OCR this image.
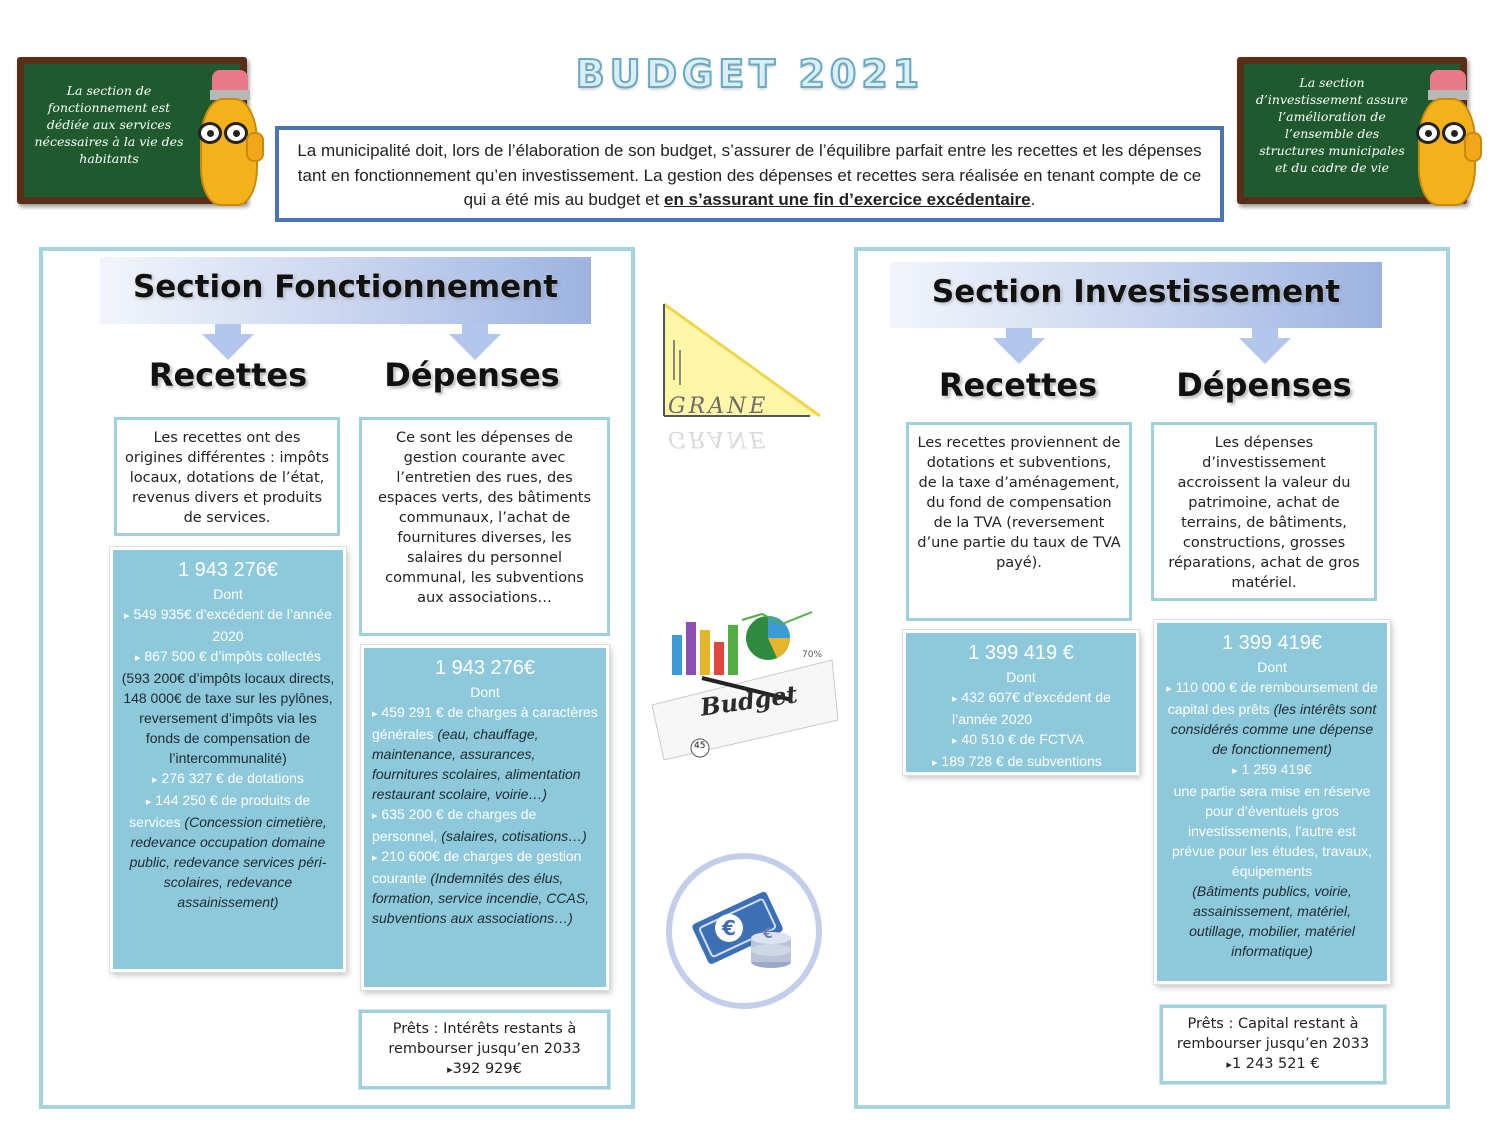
BUDGET 2021
La section de fonctionnement est dédiée aux services nécessaires à la vie des habitants
La section d’investissement assure l’amélioration de l’ensemble des structures municipales et du cadre de vie
La municipalité doit, lors de l’élaboration de son budget, s’assurer de l’équilibre parfait entre les recettes et les dépenses tant en fonctionnement qu’en investissement. La gestion des dépenses et recettes sera réalisée en tenant compte de ce qui a été mis au budget et en s’assurant une fin d’exercice excédentaire.
Section Fonctionnement
Recettes	Dépenses
Les recettes ont des origines différentes : impôts locaux, dotations de l’état, revenus divers et produits de services.
Ce sont les dépenses de gestion courante avec l’entretien des rues, des espaces verts, des bâtiments communaux, l’achat de fournitures diverses, les salaires du personnel communal, les subventions aux associations…
1 943 276€
Dont
▸ 549 935€ d’excédent de l’année 2020
▸ 867 500 € d’impôts collectés (593 200€ d’impôts locaux directs, 148 000€ de taxe sur les pylônes, reversement d’impôts via les fonds de compensation de l’intercommunalité)
▸ 276 327 € de dotations
▸ 144 250 € de produits de services (Concession cimetière, redevance occupation domaine public, redevance services péri-scolaires, redevance assainissement)
1 943 276€
Dont
▸ 459 291 € de charges à caractères générales (eau, chauffage, maintenance, assurances, fournitures scolaires, alimentation restaurant scolaire, voirie…)
▸ 635 200 € de charges de personnel, (salaires, cotisations…)
▸ 210 600€ de charges de gestion courante (Indemnités des élus, formation, service incendie, CCAS, subventions aux associations…)
Prêts : Intérêts restants à rembourser jusqu’en 2033
▸392 929€
GRANE
GRANE
Budget
45
70%
€ €
Section Investissement
Recettes	Dépenses
Les recettes proviennent de dotations et subventions, de la taxe d’aménagement, du fond de compensation de la TVA (reversement d’une partie du taux de TVA payé).
Les dépenses d’investissement accroissent la valeur du patrimoine, achat de terrains, de bâtiments, constructions, grosses réparations, achat de gros matériel.
1 399 419 €
Dont
▸ 432 607€ d’excédent de l’année 2020
▸ 40 510 € de FCTVA
▸ 189 728 € de subventions
1 399 419€
Dont
▸ 110 000 € de remboursement de capital des prêts (les intérêts sont considérés comme une dépense de fonctionnement)
▸ 1 259 419€
une partie sera mise en réserve pour d’éventuels gros investissements, l’autre est prévue pour les études, travaux, équipements
(Bâtiments publics, voirie, assainissement, matériel, outillage, mobilier, matériel informatique)
Prêts : Capital restant à rembourser jusqu’en 2033
▸1 243 521 €
